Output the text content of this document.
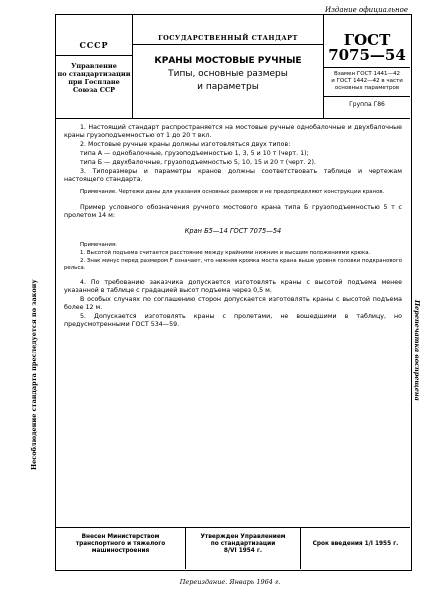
Издание официальное
Несоблюдение стандарта преследуется по закону	Перепечатка воспрещена
СССР
Управление
по стандартизации
при Госплане
Союза ССР
ГОСУДАРСТВЕННЫЙ СТАНДАРТ
КРАНЫ МОСТОВЫЕ РУЧНЫЕ
Типы, основные размеры
и параметры
ГОСТ
7075—54
Взамен ГОСТ 1441—42
и ГОСТ 1442—42 в части
основных параметров
Группа Г86

1. Настоящий стандарт распространяется на мостовые ручные однобалочные и двухбалочные краны грузоподъемностью от 1 до 20 т вкл.

2. Мостовые ручные краны должны изготовляться двух типов:

типа А — однобалочные, грузоподъемностью 1, 3, 5 и 10 т (черт. 1);

типа Б — двухбалочные, грузоподъемностью 5, 10, 15 и 20 т (черт. 2).

3. Типоразмеры и параметры кранов должны соответствовать таблице и чертежам настоящего стандарта.

Примечание. Чертежи даны для указания основных размеров и не предопределяют конструкции кранов.

Пример условного обозначения ручного мостового крана типа Б грузоподъемностью 5 т с пролетом 14 м:

Кран Б5—14 ГОСТ 7075—54

Примечания:

1. Высотой подъема считается расстояние между крайними нижним и высшим положениями крюка.

2. Знак минус перед размером F означает, что нижняя кромка моста крана выше уровня головки подкранового рельса.

4. По требованию заказчика допускается изготовлять краны с высотой подъема менее указанной в таблице с градацией высот подъема через 0,5 м.

В особых случаях по соглашению сторон допускается изготовлять краны с высотой подъема более 12 м.

5. Допускается изготовлять краны с пролетами, не вошедшими в таблицу, но предусмотренными ГОСТ 534—59.

Внесен Министерством
транспортного и тяжелого
машиностроения
Утвержден Управлением
по стандартизации
8/VI 1954 г.
Срок введения 1/I 1955 г.
Переиздание. Январь 1964 г.
